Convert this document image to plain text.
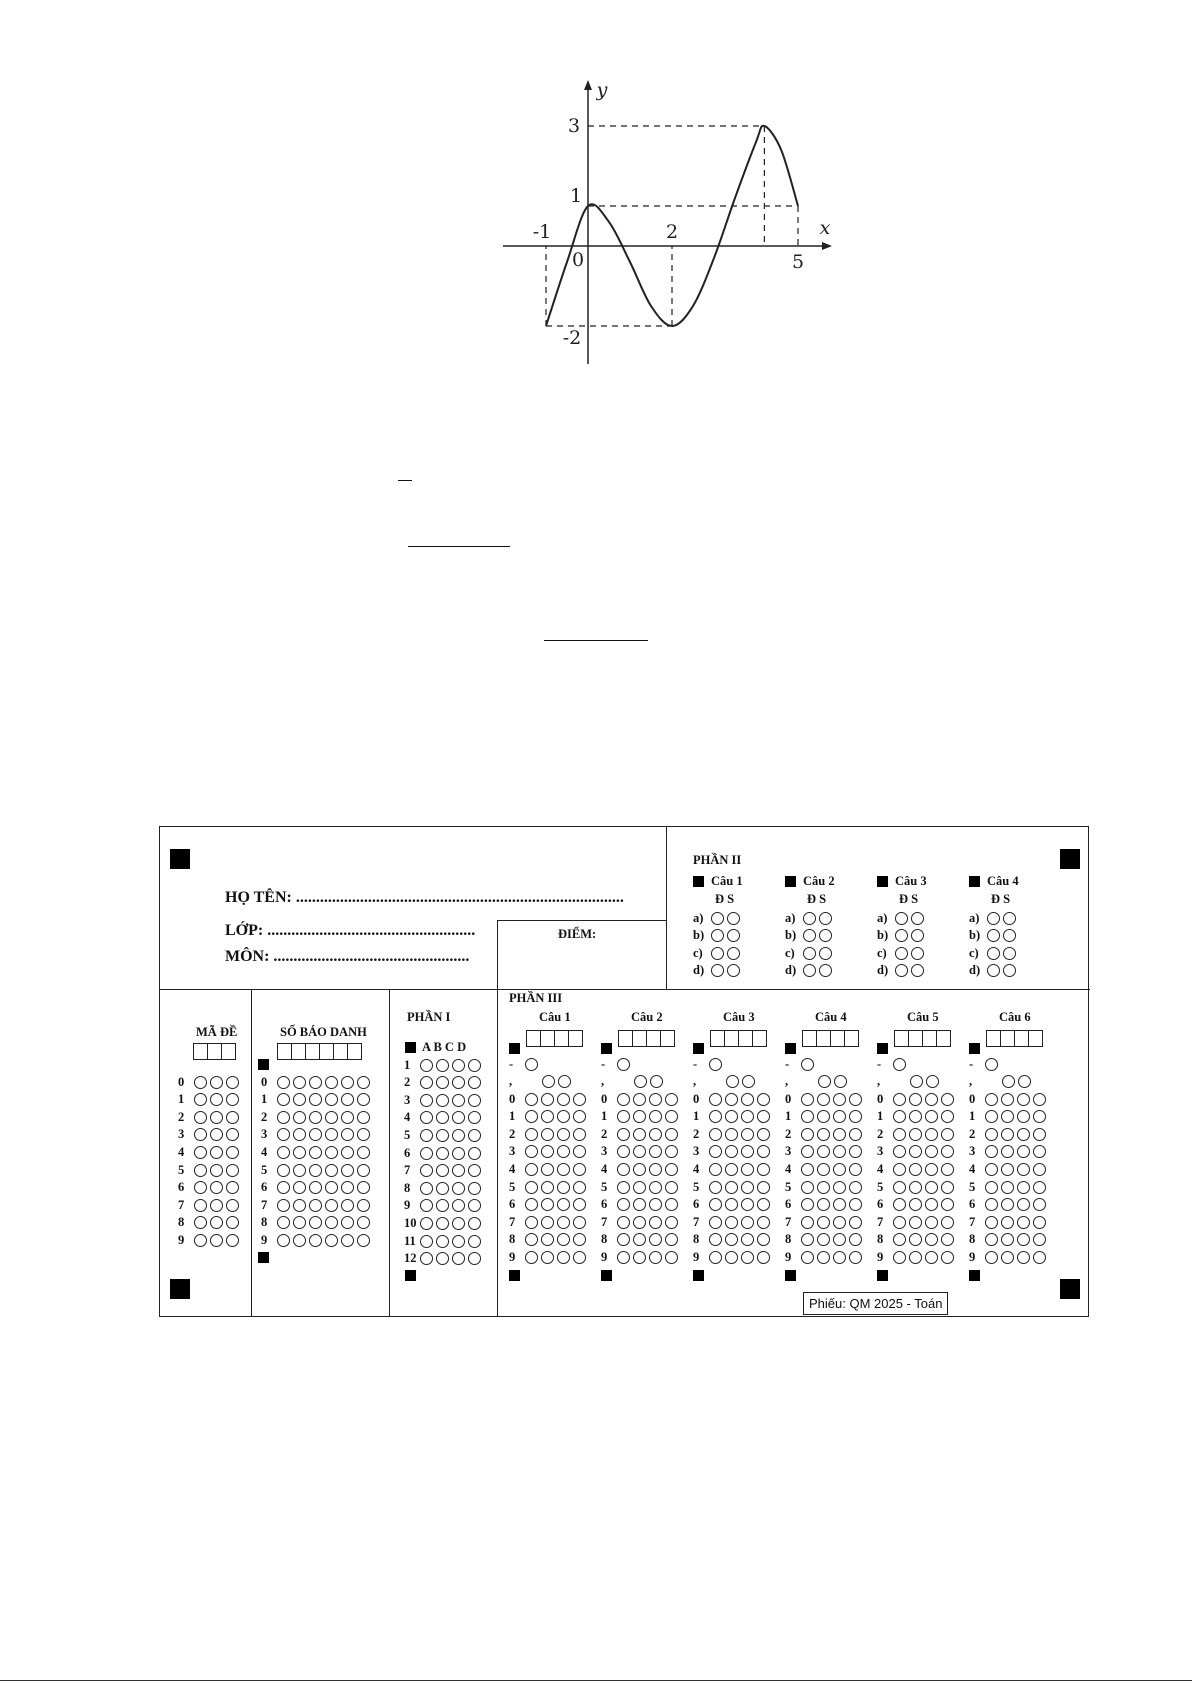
x
y
-1
0
2
5
3
1
-2
HỌ TÊN: ..................................................................................
LỚP: ....................................................
MÔN: .................................................
ĐIỂM:
PHẦN II
Câu 1
Đ S
a)
b)
c)
d)
Câu 2
Đ S
a)
b)
c)
d)
Câu 3
Đ S
a)
b)
c)
d)
Câu 4
Đ S
a)
b)
c)
d)
MÃ ĐỀ
0
1
2
3
4
5
6
7
8
9
SỐ BÁO DANH
0
1
2
3
4
5
6
7
8
9
PHẦN I
A B C D
1
2
3
4
5
6
7
8
9
10
11
12
PHẦN III
Câu 1
-
,
0
1
2
3
4
5
6
7
8
9
Câu 2
-
,
0
1
2
3
4
5
6
7
8
9
Câu 3
-
,
0
1
2
3
4
5
6
7
8
9
Câu 4
-
,
0
1
2
3
4
5
6
7
8
9
Câu 5
-
,
0
1
2
3
4
5
6
7
8
9
Câu 6
-
,
0
1
2
3
4
5
6
7
8
9
Phiếu: QM 2025 - Toán
